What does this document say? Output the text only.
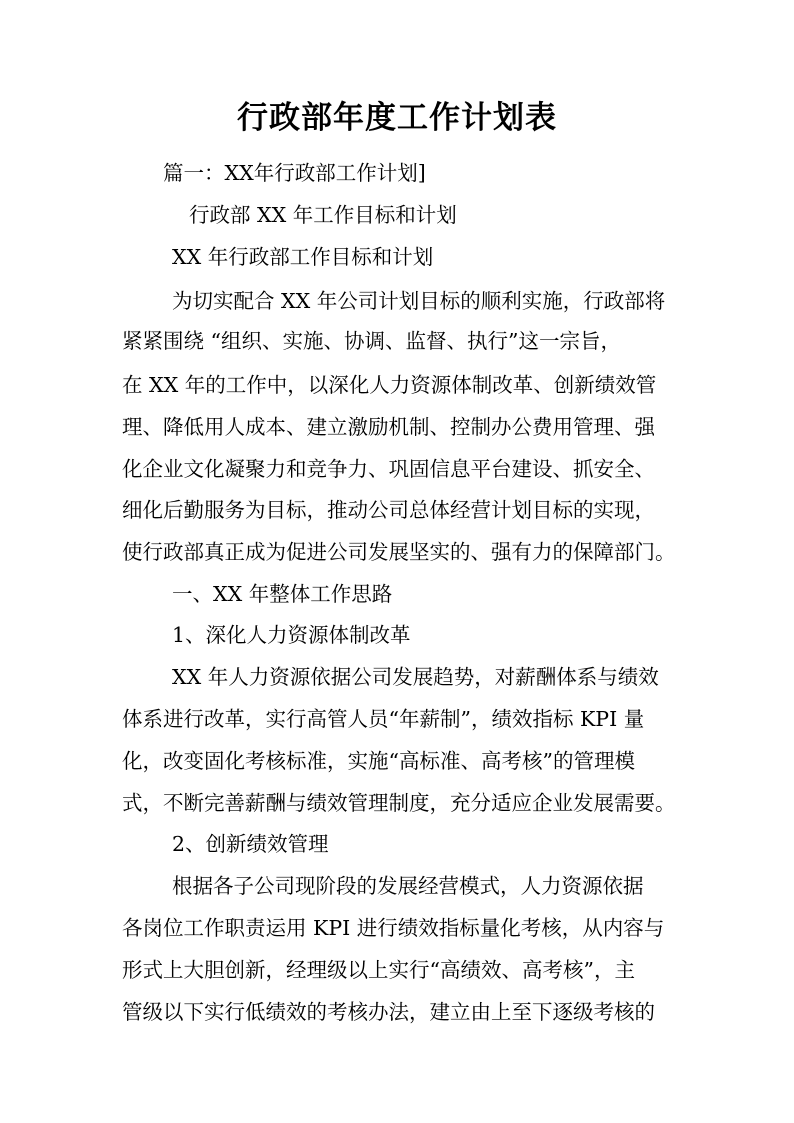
行政部年度工作计划表
篇一：XX年行政部工作计划]
行政部 XX 年工作目标和计划
XX 年行政部工作目标和计划
为切实配合 XX 年公司计划目标的顺利实施，行政部将
紧紧围绕 “组织、实施、协调、监督、执行”这一宗旨，
在 XX 年的工作中，以深化人力资源体制改革、创新绩效管
理、降低用人成本、建立激励机制、控制办公费用管理、强
化企业文化凝聚力和竞争力、巩固信息平台建设、抓安全、
细化后勤服务为目标，推动公司总体经营计划目标的实现，
使行政部真正成为促进公司发展坚实的、强有力的保障部门。
一、XX 年整体工作思路
1、深化人力资源体制改革
XX 年人力资源依据公司发展趋势，对薪酬体系与绩效
体系进行改革，实行高管人员“年薪制”，绩效指标 KPI 量
化，改变固化考核标准，实施“高标准、高考核”的管理模
式，不断完善薪酬与绩效管理制度，充分适应企业发展需要。
2、创新绩效管理
根据各子公司现阶段的发展经营模式，人力资源依据
各岗位工作职责运用 KPI 进行绩效指标量化考核，从内容与
形式上大胆创新，经理级以上实行“高绩效、高考核”，主
管级以下实行低绩效的考核办法，建立由上至下逐级考核的
